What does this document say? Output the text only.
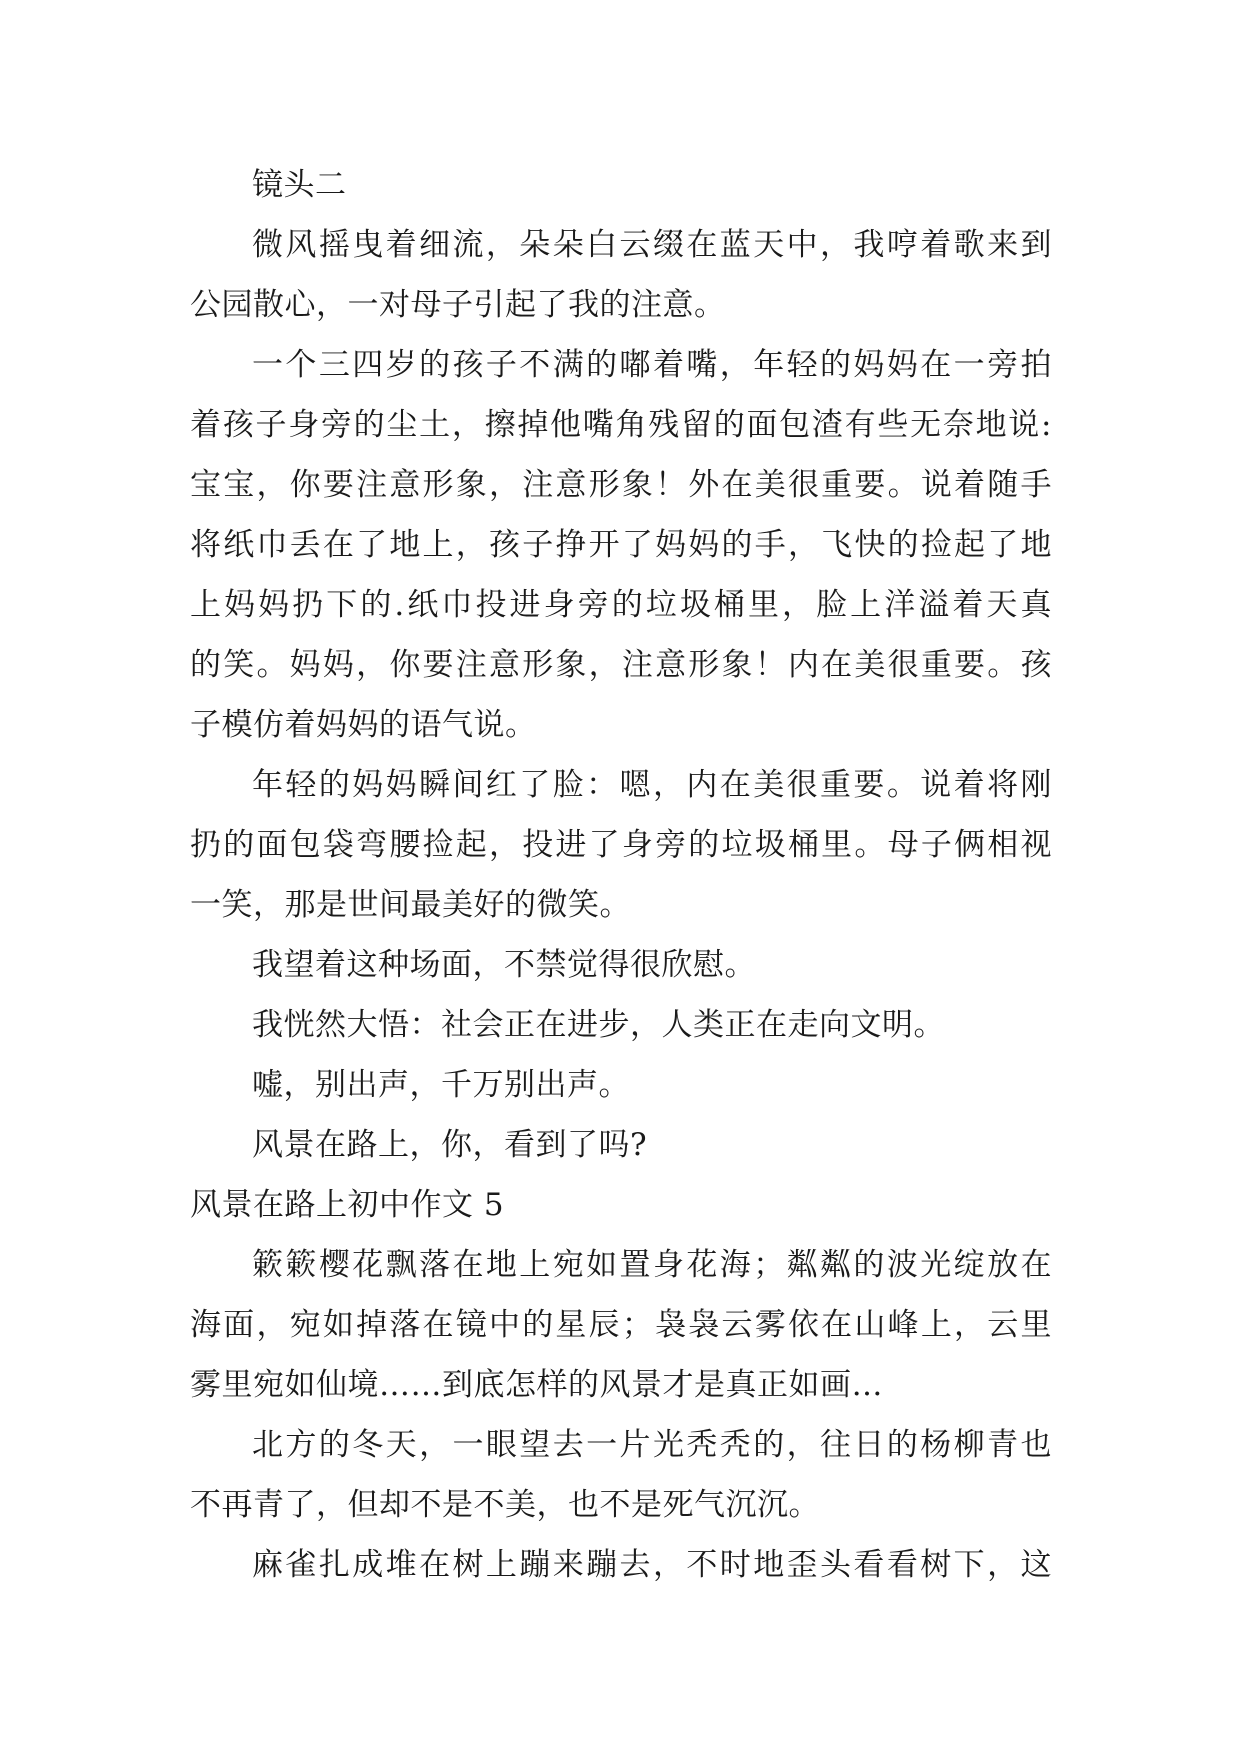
镜头二
微风摇曳着细流，朵朵白云缀在蓝天中，我哼着歌来到
公园散心，一对母子引起了我的注意。
一个三四岁的孩子不满的嘟着嘴，年轻的妈妈在一旁拍
着孩子身旁的尘土，擦掉他嘴角残留的面包渣有些无奈地说:
宝宝，你要注意形象，注意形象！外在美很重要。说着随手
将纸巾丢在了地上，孩子挣开了妈妈的手，飞快的捡起了地
上妈妈扔下的.纸巾投进身旁的垃圾桶里，脸上洋溢着天真
的笑。妈妈，你要注意形象，注意形象！内在美很重要。孩
子模仿着妈妈的语气说。
年轻的妈妈瞬间红了脸：嗯，内在美很重要。说着将刚
扔的面包袋弯腰捡起，投进了身旁的垃圾桶里。母子俩相视
一笑，那是世间最美好的微笑。
我望着这种场面，不禁觉得很欣慰。
我恍然大悟：社会正在进步，人类正在走向文明。
嘘，别出声，千万别出声。
风景在路上，你，看到了吗?
风景在路上初中作文 5
簌簌樱花飘落在地上宛如置身花海；粼粼的波光绽放在
海面，宛如掉落在镜中的星辰；袅袅云雾依在山峰上，云里
雾里宛如仙境……到底怎样的风景才是真正如画…
北方的冬天，一眼望去一片光秃秃的，往日的杨柳青也
不再青了，但却不是不美，也不是死气沉沉。
麻雀扎成堆在树上蹦来蹦去，不时地歪头看看树下，这
